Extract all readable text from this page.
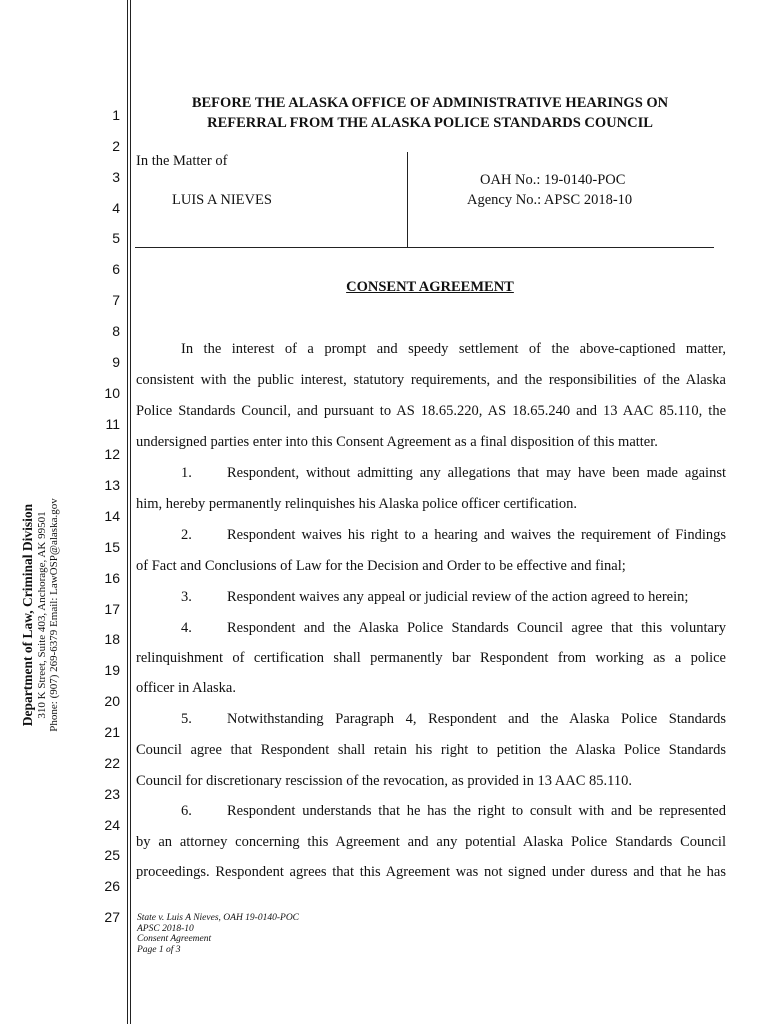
Department of Law, Criminal Division 310 K Street, Suite 403, Anchorage, AK 99501 Phone: (907) 269-6379 Email: LawOSP@alaska.gov
1
2
3
4
5
6
7
8
9
10
11
12
13
14
15
16
17
18
19
20
21
22
23
24
25
26
27
BEFORE THE ALASKA OFFICE OF ADMINISTRATIVE HEARINGS ON
REFERRAL FROM THE ALASKA POLICE STANDARDS COUNCIL
In the Matter of
LUIS A NIEVES
OAH No.: 19-0140-POC
Agency No.: APSC 2018-10
CONSENT AGREEMENT
In the interest of a prompt and speedy settlement of the above-captioned matter,
consistent with the public interest, statutory requirements, and the responsibilities of the Alaska
Police Standards Council, and pursuant to AS 18.65.220, AS 18.65.240 and 13 AAC 85.110, the
undersigned parties enter into this Consent Agreement as a final disposition of this matter.
1. Respondent, without admitting any allegations that may have been made against
him, hereby permanently relinquishes his Alaska police officer certification.
2. Respondent waives his right to a hearing and waives the requirement of Findings
of Fact and Conclusions of Law for the Decision and Order to be effective and final;
3. Respondent waives any appeal or judicial review of the action agreed to herein;
4. Respondent and the Alaska Police Standards Council agree that this voluntary
relinquishment of certification shall permanently bar Respondent from working as a police
officer in Alaska.
5. Notwithstanding Paragraph 4, Respondent and the Alaska Police Standards
Council agree that Respondent shall retain his right to petition the Alaska Police Standards
Council for discretionary rescission of the revocation, as provided in 13 AAC 85.110.
6. Respondent understands that he has the right to consult with and be represented
by an attorney concerning this Agreement and any potential Alaska Police Standards Council
proceedings. Respondent agrees that this Agreement was not signed under duress and that he has
State v. Luis A Nieves, OAH 19-0140-POC
APSC 2018-10
Consent Agreement
Page 1 of 3
